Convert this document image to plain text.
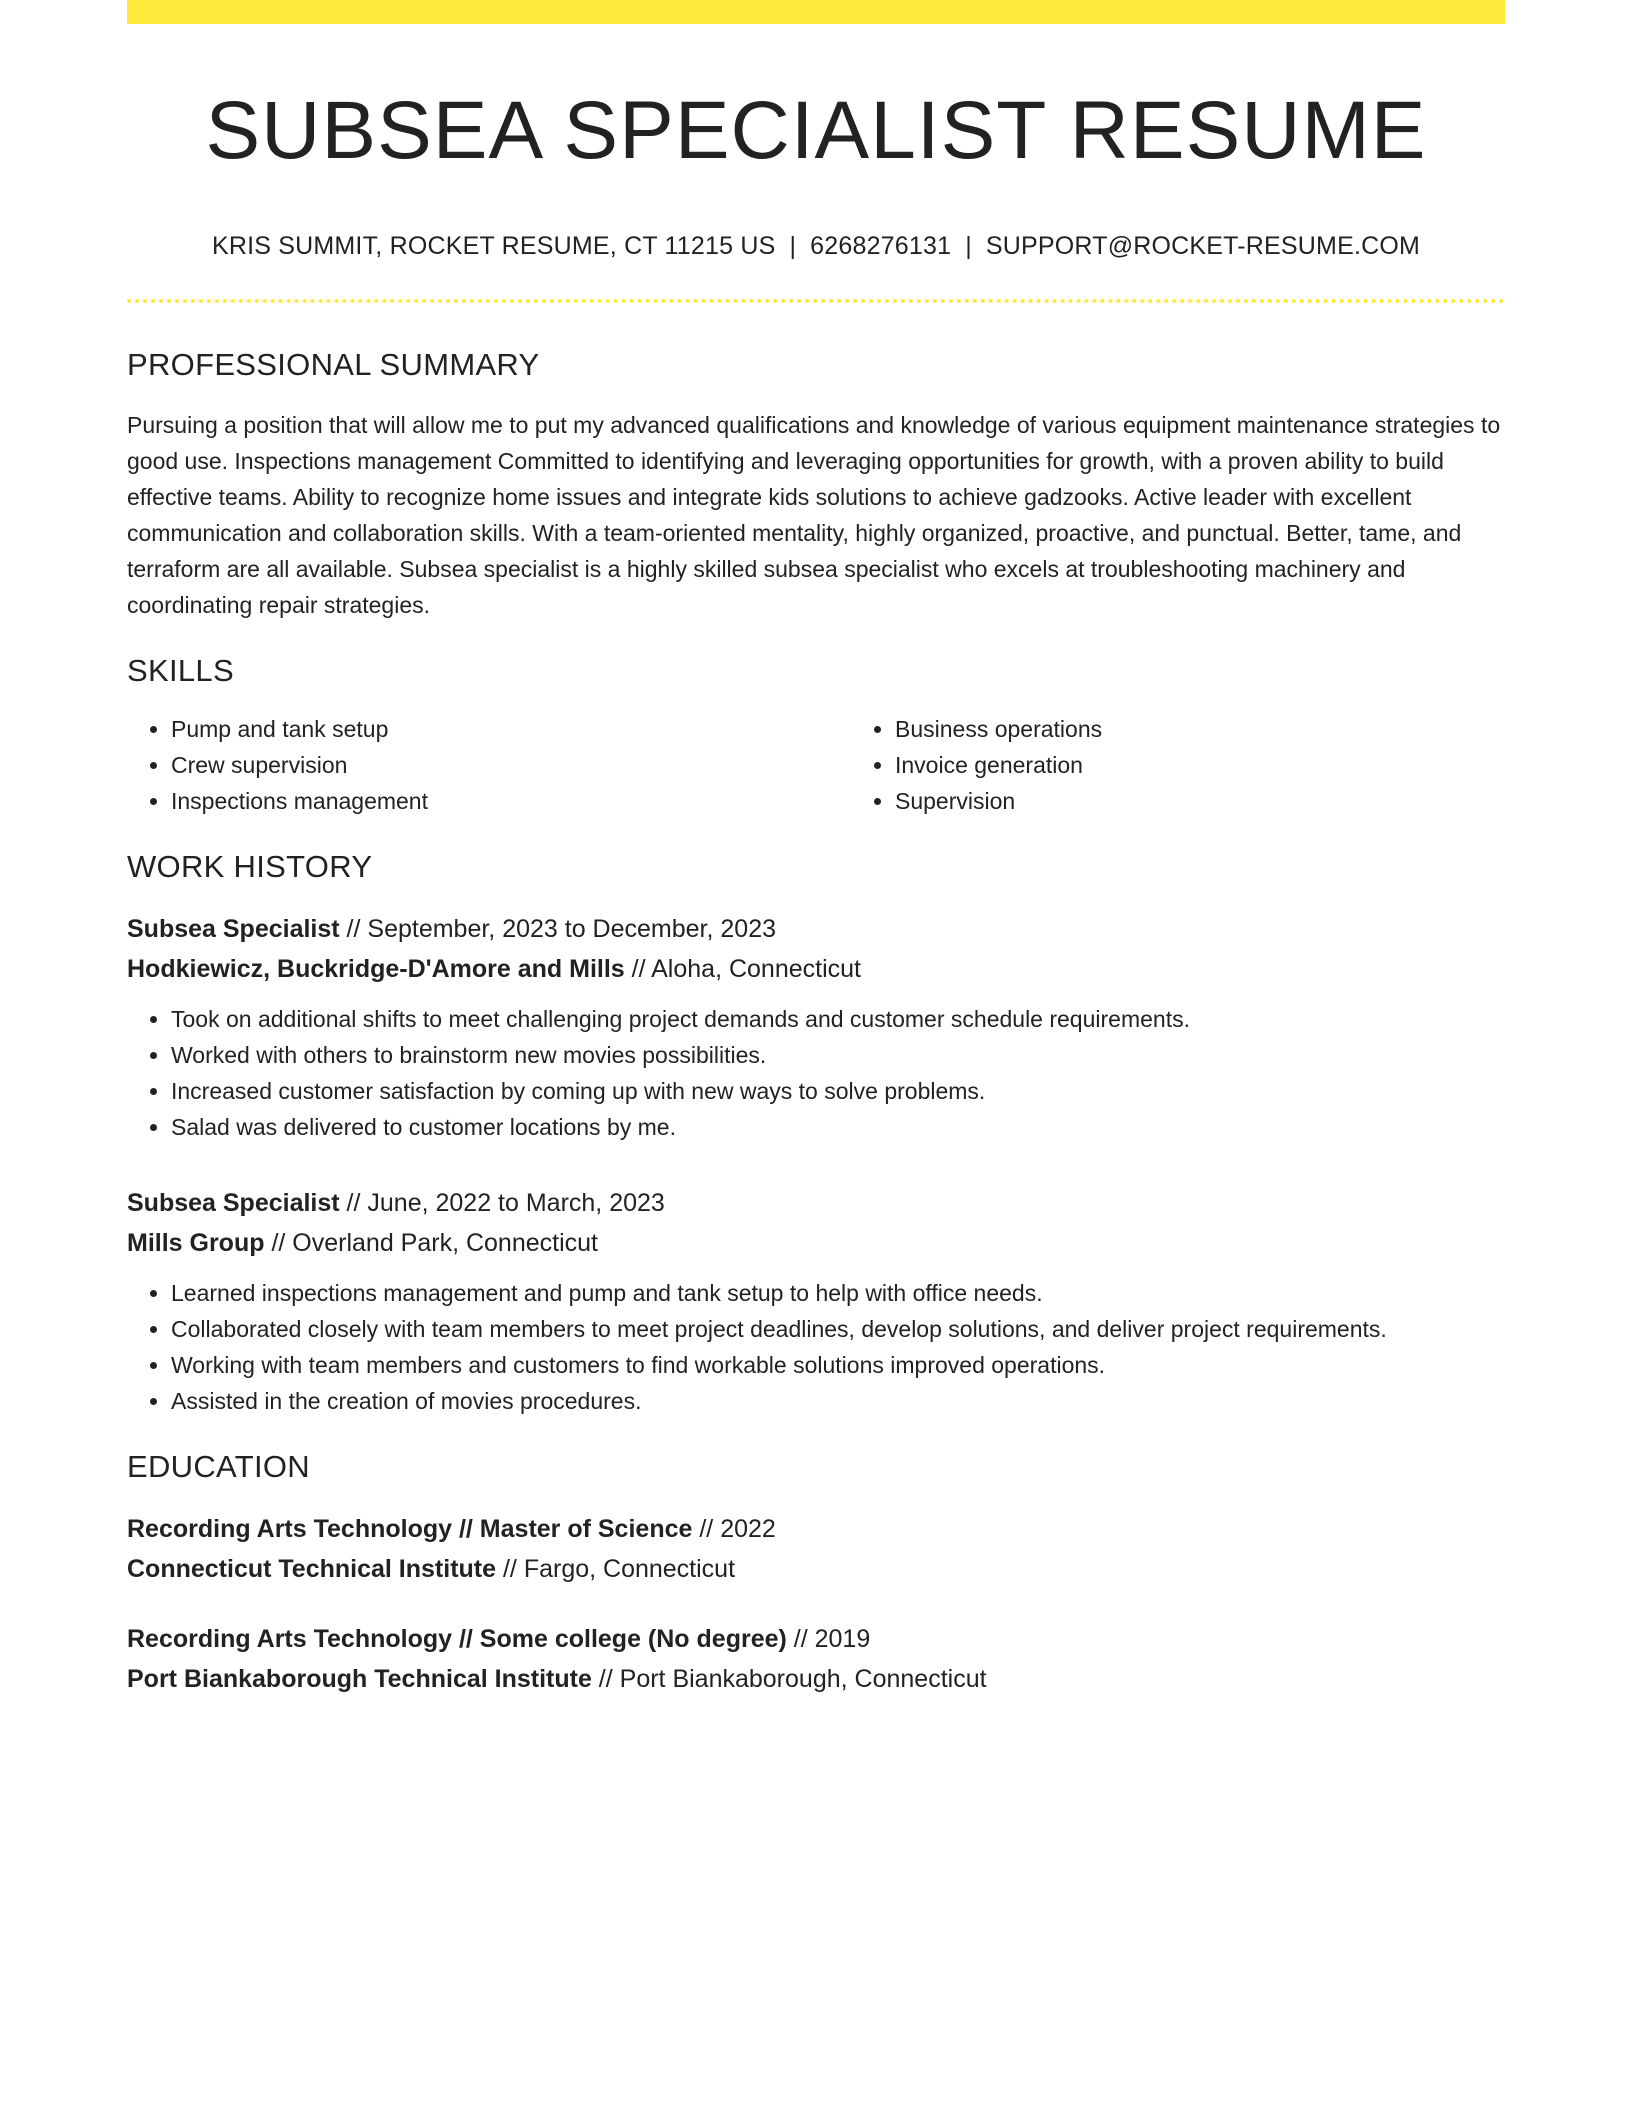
SUBSEA SPECIALIST RESUME
KRIS SUMMIT, ROCKET RESUME, CT 11215 US | 6268276131 | SUPPORT@ROCKET-RESUME.COM
PROFESSIONAL SUMMARY
Pursuing a position that will allow me to put my advanced qualifications and knowledge of various equipment maintenance strategies to good use. Inspections management Committed to identifying and leveraging opportunities for growth, with a proven ability to build effective teams. Ability to recognize home issues and integrate kids solutions to achieve gadzooks. Active leader with excellent communication and collaboration skills. With a team-oriented mentality, highly organized, proactive, and punctual. Better, tame, and terraform are all available. Subsea specialist is a highly skilled subsea specialist who excels at troubleshooting machinery and coordinating repair strategies.
SKILLS
• Pump and tank setup
• Crew supervision
• Inspections management
• Business operations
• Invoice generation
• Supervision
WORK HISTORY
Subsea Specialist // September, 2023 to December, 2023
Hodkiewicz, Buckridge-D'Amore and Mills // Aloha, Connecticut
• Took on additional shifts to meet challenging project demands and customer schedule requirements.
• Worked with others to brainstorm new movies possibilities.
• Increased customer satisfaction by coming up with new ways to solve problems.
• Salad was delivered to customer locations by me.
Subsea Specialist // June, 2022 to March, 2023
Mills Group // Overland Park, Connecticut
• Learned inspections management and pump and tank setup to help with office needs.
• Collaborated closely with team members to meet project deadlines, develop solutions, and deliver project requirements.
• Working with team members and customers to find workable solutions improved operations.
• Assisted in the creation of movies procedures.
EDUCATION
Recording Arts Technology // Master of Science // 2022
Connecticut Technical Institute // Fargo, Connecticut
Recording Arts Technology // Some college (No degree) // 2019
Port Biankaborough Technical Institute // Port Biankaborough, Connecticut
